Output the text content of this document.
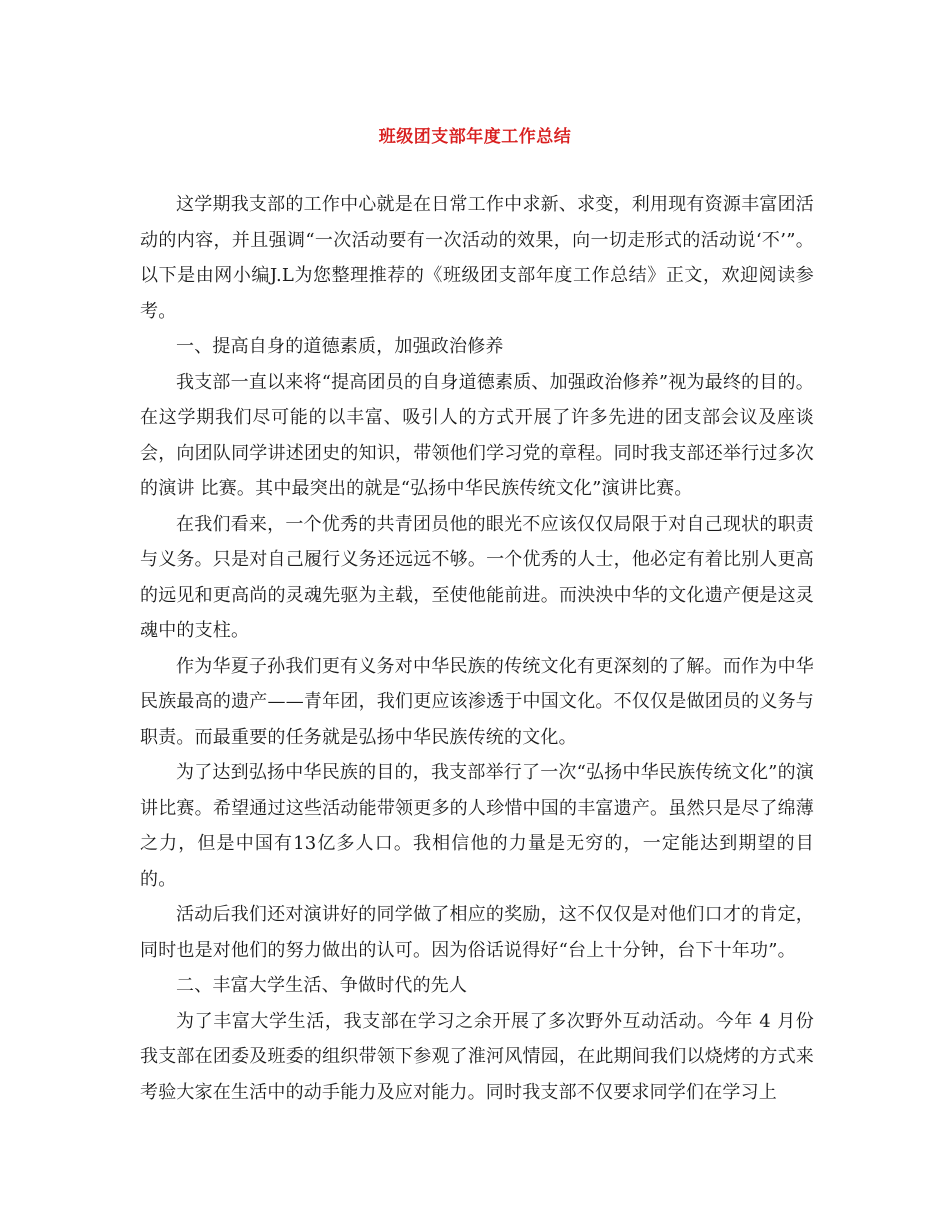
班级团支部年度工作总结

这学期我支部的工作中心就是在日常工作中求新、求变，利用现有资源丰富团活动的内容，并且强调“一次活动要有一次活动的效果，向一切走形式的活动说‘不’”。以下是由网小编J.L为您整理推荐的《班级团支部年度工作总结》正文，欢迎阅读参考。

一、提高自身的道德素质，加强政治修养

我支部一直以来将“提高团员的自身道德素质、加强政治修养”视为最终的目的。在这学期我们尽可能的以丰富、吸引人的方式开展了许多先进的团支部会议及座谈会，向团队同学讲述团史的知识，带领他们学习党的章程。同时我支部还举行过多次的演讲 比赛。其中最突出的就是“弘扬中华民族传统文化”演讲比赛。

在我们看来，一个优秀的共青团员他的眼光不应该仅仅局限于对自己现状的职责与义务。只是对自己履行义务还远远不够。一个优秀的人士，他必定有着比别人更高的远见和更高尚的灵魂先驱为主载，至使他能前进。而泱泱中华的文化遗产便是这灵魂中的支柱。

作为华夏子孙我们更有义务对中华民族的传统文化有更深刻的了解。而作为中华民族最高的遗产——青年团，我们更应该渗透于中国文化。不仅仅是做团员的义务与职责。而最重要的任务就是弘扬中华民族传统的文化。

为了达到弘扬中华民族的目的，我支部举行了一次“弘扬中华民族传统文化”的演讲比赛。希望通过这些活动能带领更多的人珍惜中国的丰富遗产。虽然只是尽了绵薄之力，但是中国有13亿多人口。我相信他的力量是无穷的，一定能达到期望的目的。

活动后我们还对演讲好的同学做了相应的奖励，这不仅仅是对他们口才的肯定，同时也是对他们的努力做出的认可。因为俗话说得好“台上十分钟，台下十年功”。

二、丰富大学生活、争做时代的先人

为了丰富大学生活，我支部在学习之余开展了多次野外互动活动。今年 4 月份我支部在团委及班委的组织带领下参观了淮河风情园，在此期间我们以烧烤的方式来考验大家在生活中的动手能力及应对能力。同时我支部不仅要求同学们在学习上
